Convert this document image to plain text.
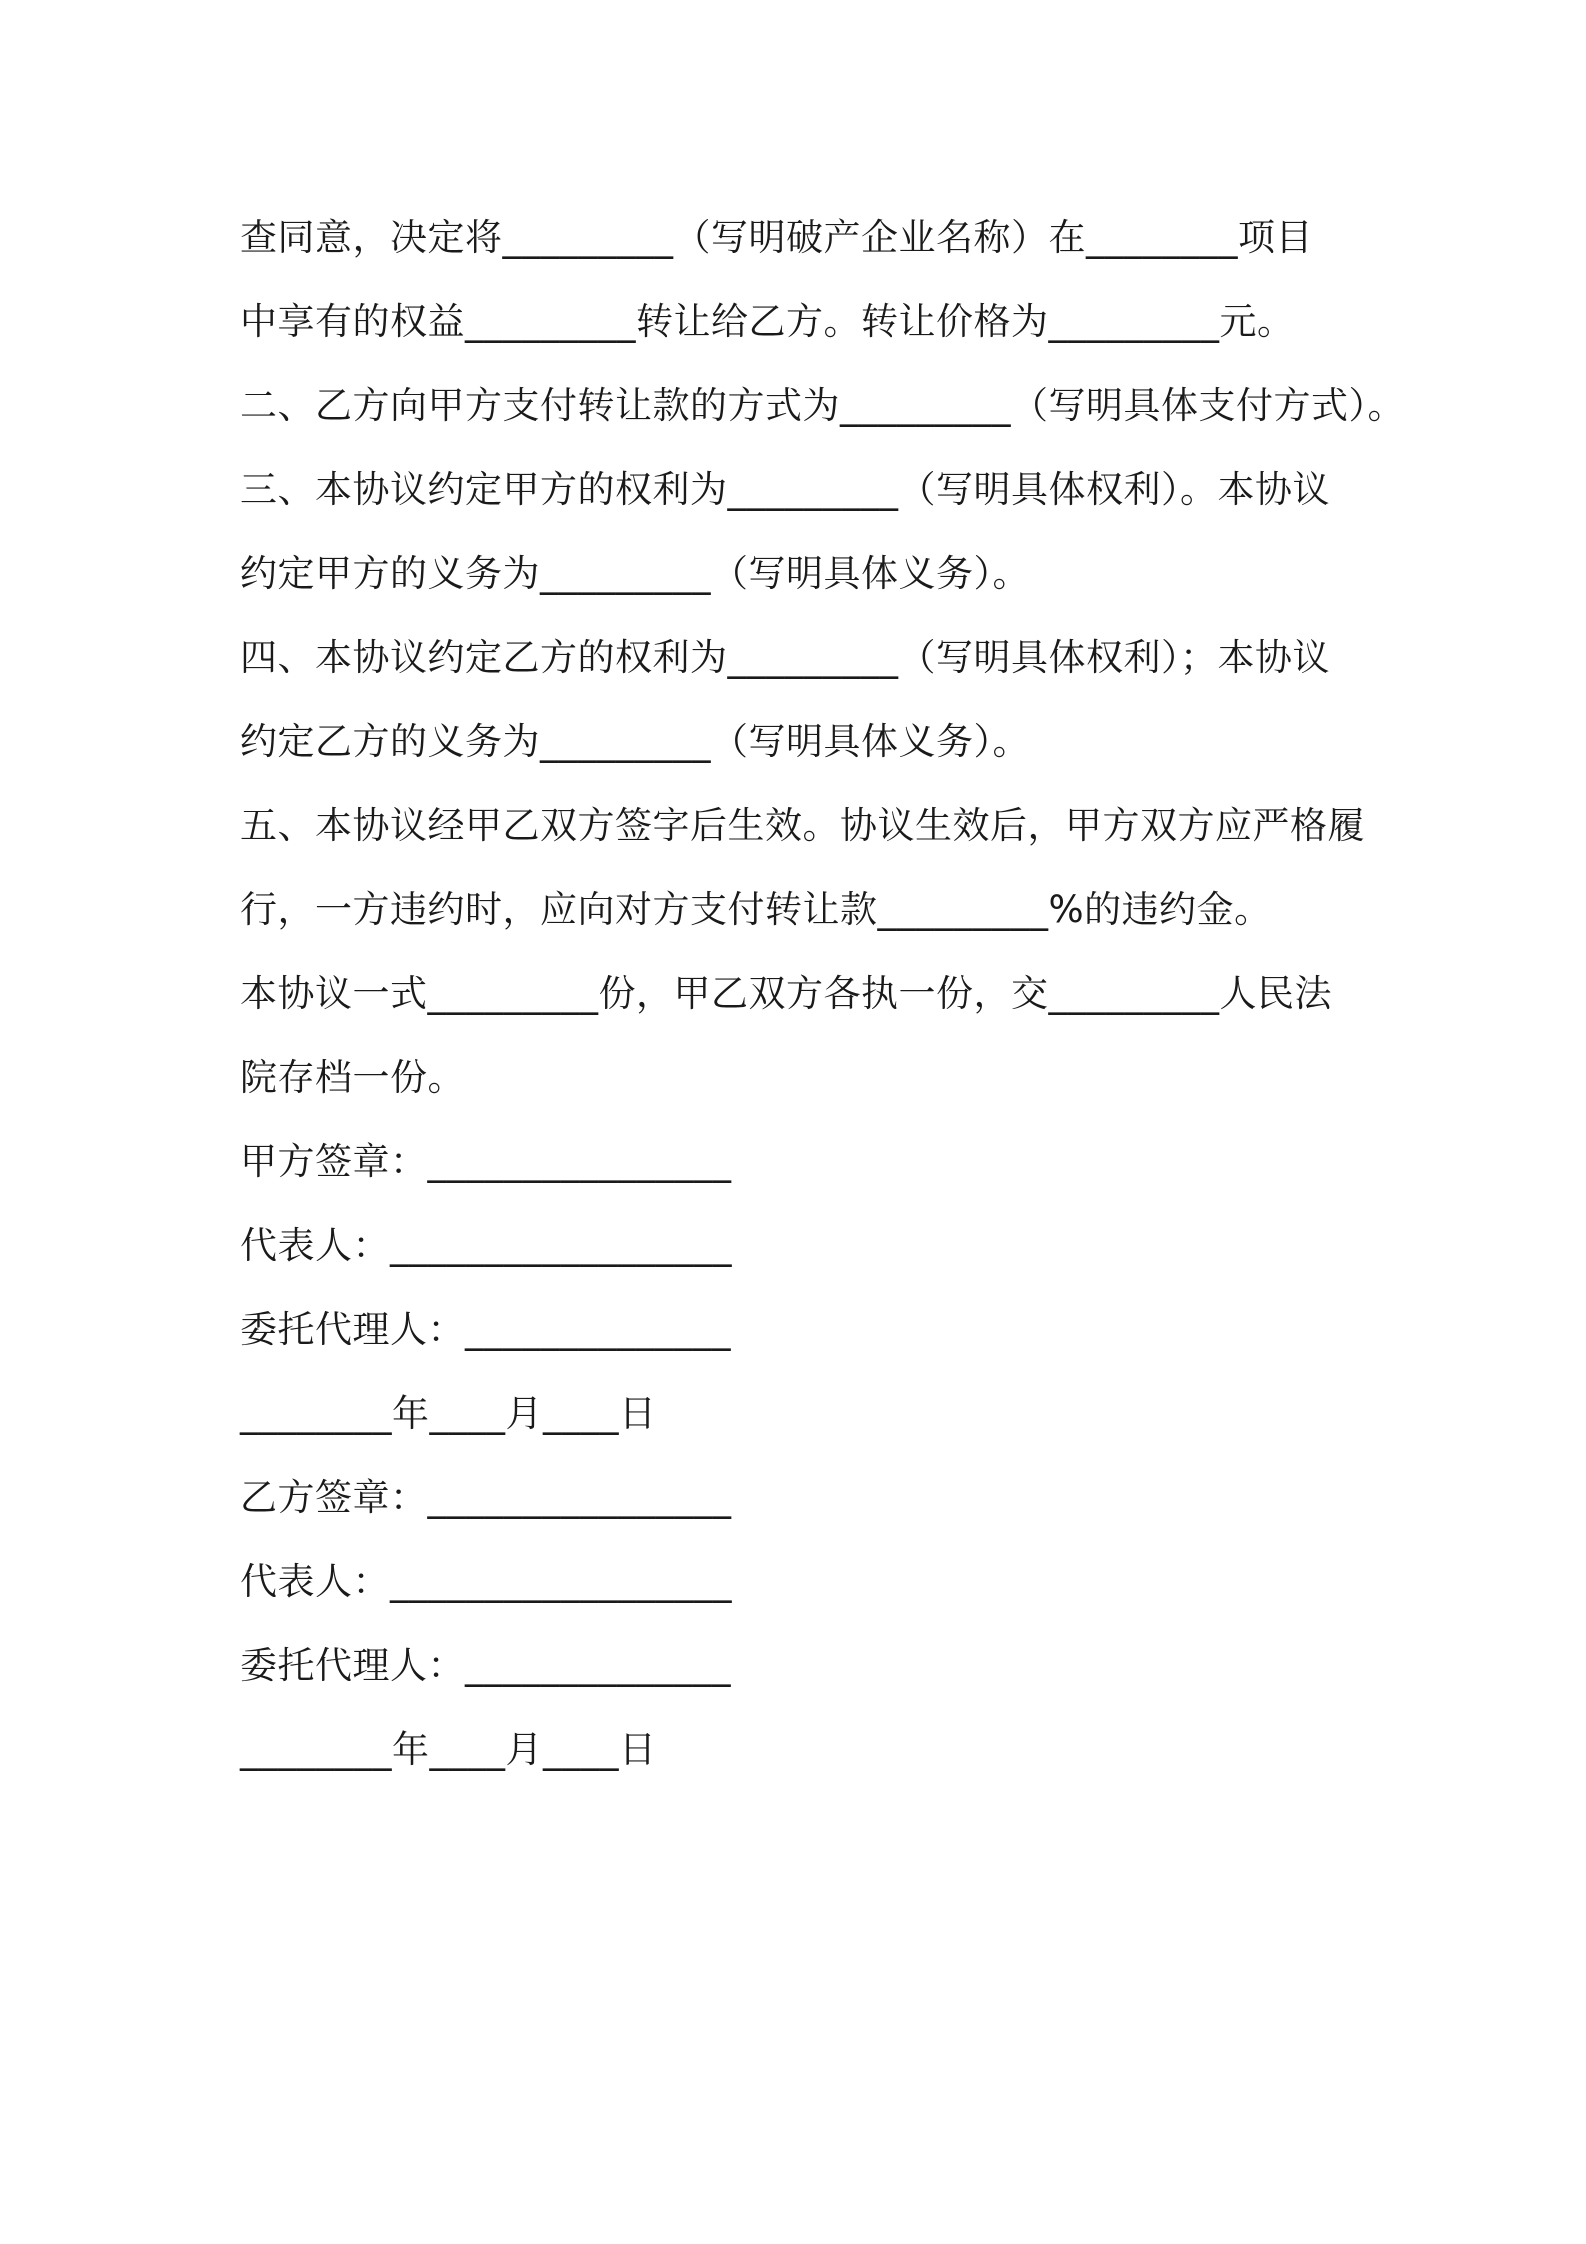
查同意，决定将_________（写明破产企业名称）在________项目
中享有的权益_________转让给乙方。转让价格为_________元。
二、乙方向甲方支付转让款的方式为_________（写明具体支付方式）。
三、本协议约定甲方的权利为_________（写明具体权利）。本协议
约定甲方的义务为_________（写明具体义务）。
四、本协议约定乙方的权利为_________（写明具体权利）；本协议
约定乙方的义务为_________（写明具体义务）。
五、本协议经甲乙双方签字后生效。协议生效后，甲方双方应严格履
行，一方违约时，应向对方支付转让款_________%的违约金。
本协议一式_________份，甲乙双方各执一份，交_________人民法
院存档一份。
甲方签章：________________
代表人：__________________
委托代理人：______________
________年____月____日
乙方签章：________________
代表人：__________________
委托代理人：______________
________年____月____日
